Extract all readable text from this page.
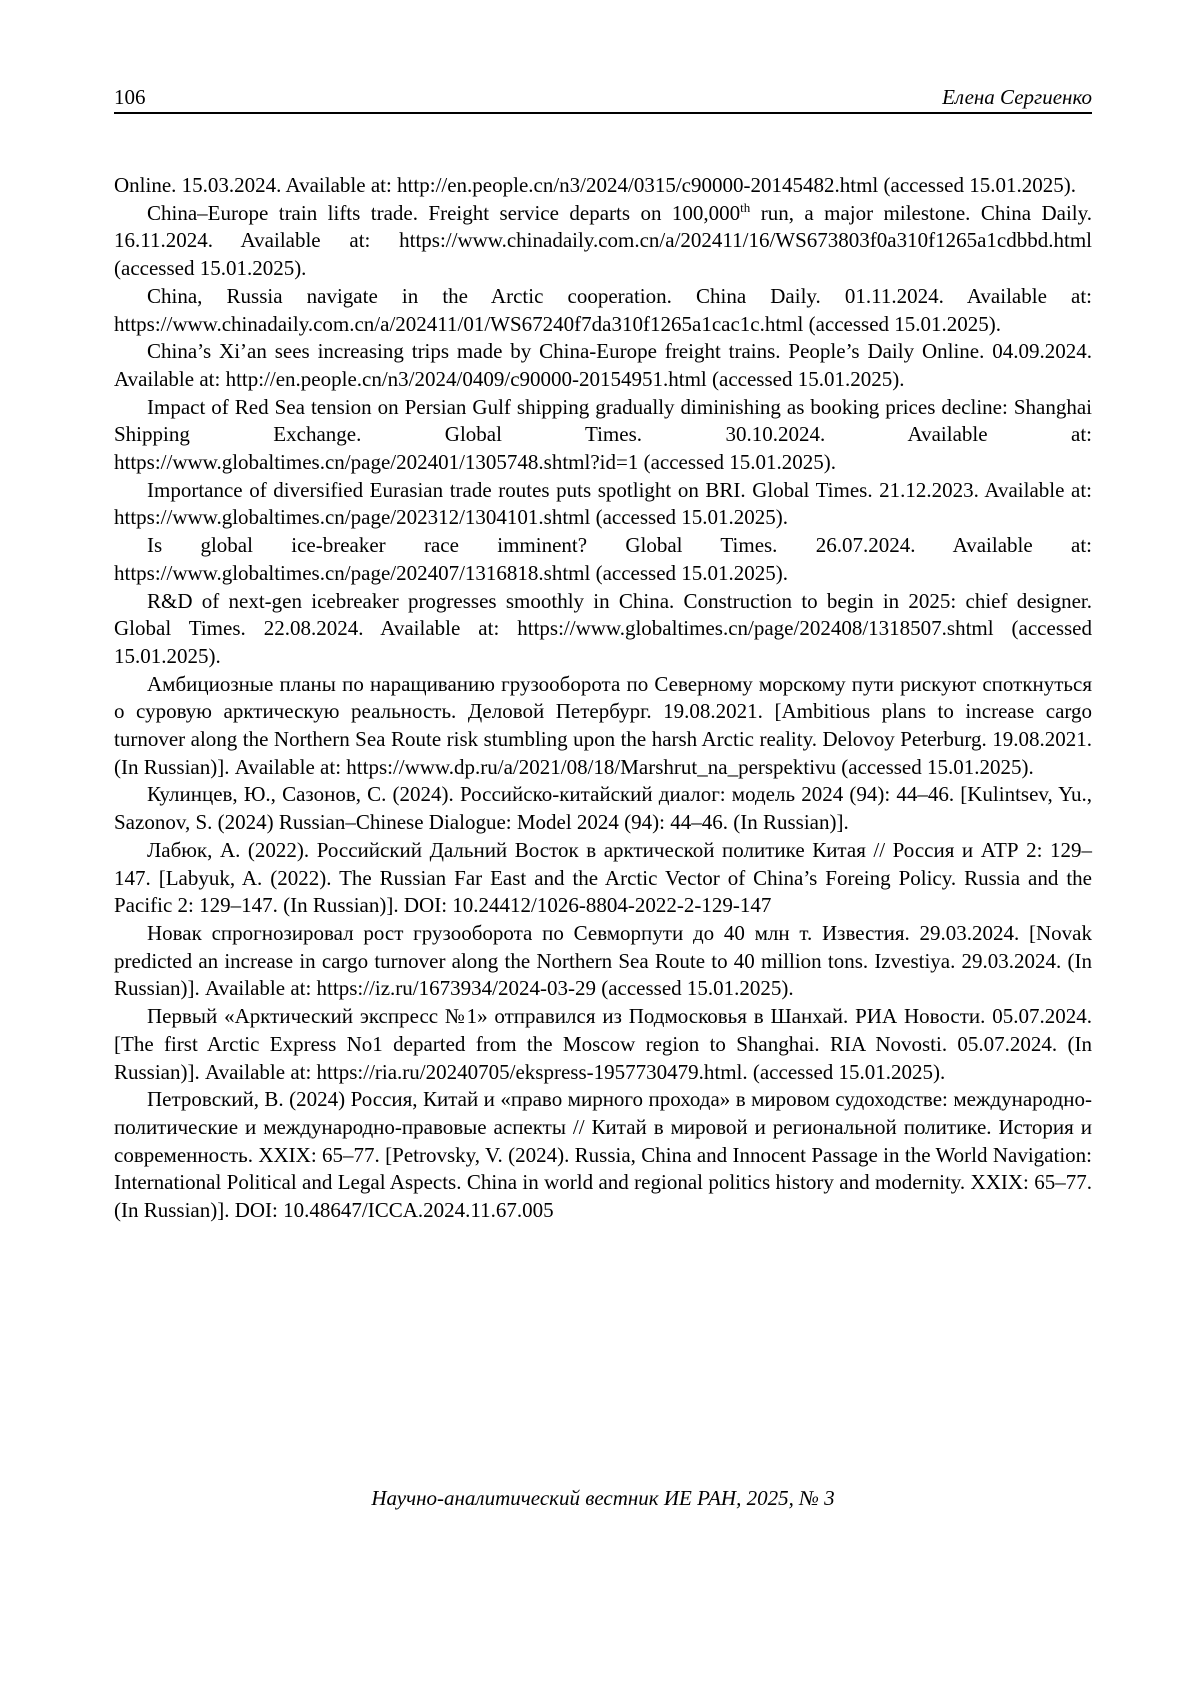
106	Елена Сергиенко

Online. 15.03.2024. Available at: http://en.people.cn/n3/2024/0315/c90000-20145482.html (accessed 15.01.2025).

China–Europe train lifts trade. Freight service departs on 100,000th run, a major milestone. China Daily. 16.11.2024. Available at: https://www.chinadaily.com.cn/a/202411/16/WS673803f0a310f1265a1cdbbd.html (accessed 15.01.2025).

China, Russia navigate in the Arctic cooperation. China Daily. 01.11.2024. Available at: https://www.chinadaily.com.cn/a/202411/01/WS67240f7da310f1265a1cac1c.html (accessed 15.01.2025).

China’s Xi’an sees increasing trips made by China-Europe freight trains. People’s Daily Online. 04.09.2024. Available at: http://en.people.cn/n3/2024/0409/c90000-20154951.html (accessed 15.01.2025).

Impact of Red Sea tension on Persian Gulf shipping gradually diminishing as booking prices decline: Shanghai Shipping Exchange. Global Times. 30.10.2024. Available at: https://www.globaltimes.cn/page/202401/1305748.shtml?id=1 (accessed 15.01.2025).

Importance of diversified Eurasian trade routes puts spotlight on BRI. Global Times. 21.12.2023. Available at: https://www.globaltimes.cn/page/202312/1304101.shtml (accessed 15.01.2025).

Is global ice-breaker race imminent? Global Times. 26.07.2024. Available at: https://www.globaltimes.cn/page/202407/1316818.shtml (accessed 15.01.2025).

R&D of next-gen icebreaker progresses smoothly in China. Construction to begin in 2025: chief designer. Global Times. 22.08.2024. Available at: https://www.globaltimes.cn/page/202408/1318507.shtml (accessed 15.01.2025).

Амбициозные планы по наращиванию грузооборота по Северному морскому пути рискуют споткнуться о суровую арктическую реальность. Деловой Петербург. 19.08.2021. [Ambitious plans to increase cargo turnover along the Northern Sea Route risk stumbling upon the harsh Arctic reality. Delovoy Peterburg. 19.08.2021. (In Russian)]. Available at: https://www.dp.ru/a/2021/08/18/Marshrut_na_perspektivu (accessed 15.01.2025).

Кулинцев, Ю., Сазонов, С. (2024). Российско-китайский диалог: модель 2024 (94): 44–46. [Kulintsev, Yu., Sazonov, S. (2024) Russian–Chinese Dialogue: Model 2024 (94): 44–46. (In Russian)].

Лабюк, А. (2022). Российский Дальний Восток в арктической политике Китая // Россия и АТР 2: 129–147. [Labyuk, A. (2022). The Russian Far East and the Arctic Vector of China’s Foreing Policy. Russia and the Pacific 2: 129–147. (In Russian)]. DOI: 10.24412/1026-8804-2022-2-129-147

Новак спрогнозировал рост грузооборота по Севморпути до 40 млн т. Известия. 29.03.2024. [Novak predicted an increase in cargo turnover along the Northern Sea Route to 40 million tons. Izvestiya. 29.03.2024. (In Russian)]. Available at: https://iz.ru/1673934/2024-03-29 (accessed 15.01.2025).

Первый «Арктический экспресс №1» отправился из Подмосковья в Шанхай. РИА Новости. 05.07.2024. [The first Arctic Express No1 departed from the Moscow region to Shanghai. RIA Novosti. 05.07.2024. (In Russian)]. Available at: https://ria.ru/20240705/ekspress-1957730479.html. (accessed 15.01.2025).

Петровский, В. (2024) Россия, Китай и «право мирного прохода» в мировом судоходстве: международно-политические и международно-правовые аспекты // Китай в мировой и региональной политике. История и современность. XXIX: 65–77. [Petrovsky, V. (2024). Russia, China and Innocent Passage in the World Navigation: International Political and Legal Aspects. China in world and regional politics history and modernity. XXIX: 65–77. (In Russian)]. DOI: 10.48647/ICCA.2024.11.67.005

Научно-аналитический вестник ИЕ РАН, 2025, № 3
